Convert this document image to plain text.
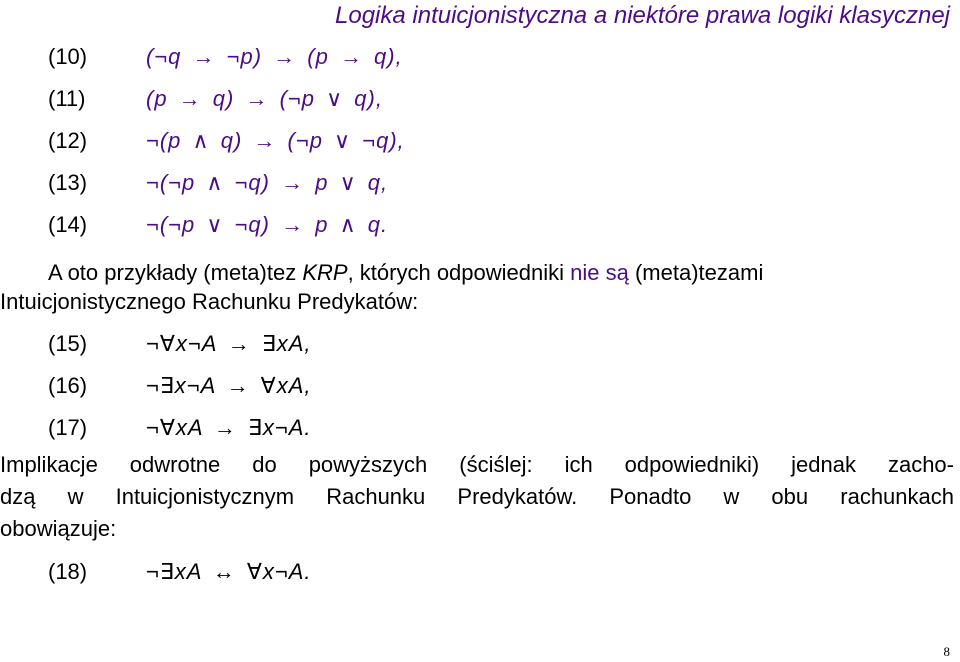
Logika intuicjonistyczna a niektóre prawa logiki klasycznej
(10)	(¬q → ¬p) → (p → q),
(11)	(p → q) → (¬p ∨ q),
(12)	¬(p ∧ q) → (¬p ∨ ¬q),
(13)	¬(¬p ∧ ¬q) → p ∨ q,
(14)	¬(¬p ∨ ¬q) → p ∧ q.
A oto przykłady (meta)tez KRP, których odpowiedniki nie są (meta)tezami
Intuicjonistycznego Rachunku Predykatów:
(15)	¬∀x¬A → ∃xA,
(16)	¬∃x¬A → ∀xA,
(17)	¬∀xA → ∃x¬A.
Implikacje odwrotne do powyższych (ściślej: ich odpowiedniki) jednak zacho-
dzą w Intuicjonistycznym Rachunku Predykatów. Ponadto w obu rachunkach
obowiązuje:
(18)	¬∃xA ↔ ∀x¬A.
8
